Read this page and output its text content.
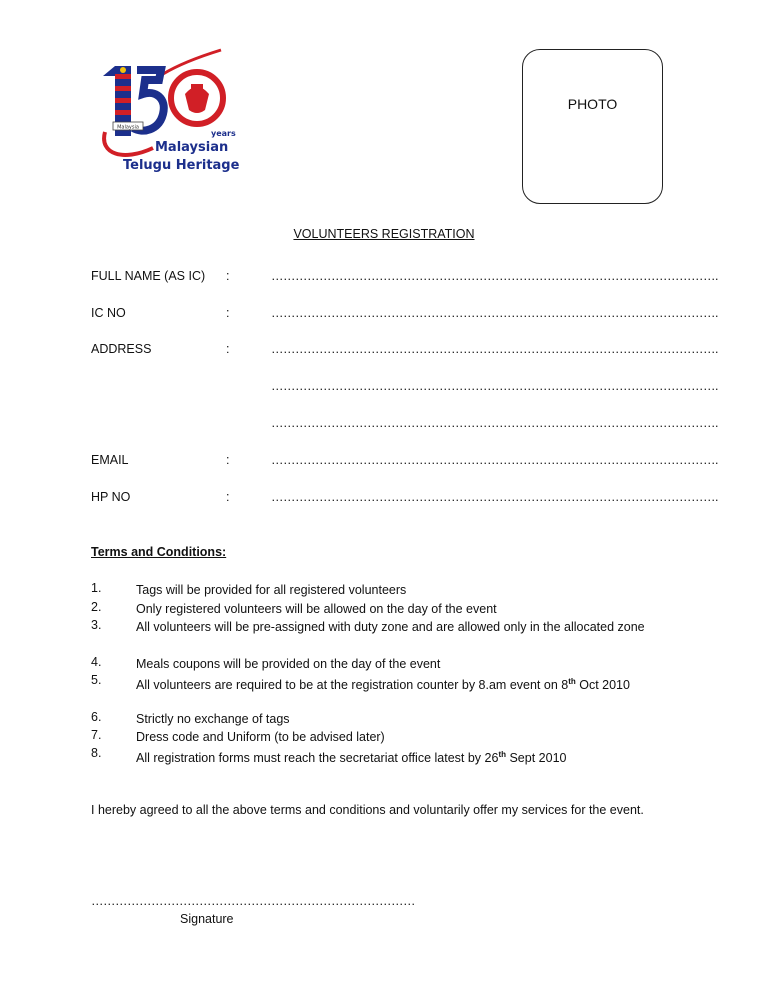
Malaysia
years
Malaysian
Telugu Heritage
PHOTO
VOLUNTEERS REGISTRATION
FULL NAME (AS IC) :	………………………………………………………………………………………………….
IC NO	:	………………………………………………………………………………………………….
ADDRESS	:	………………………………………………………………………………………………….
………………………………………………………………………………………………….
………………………………………………………………………………………………….
EMAIL	:	………………………………………………………………………………………………….
HP NO	:	………………………………………………………………………………………………….
Terms and Conditions:
1.	Tags will be provided for all registered volunteers
2.	Only registered volunteers will be allowed on the day of the event
3.	All volunteers will be pre-assigned with duty zone and are allowed only in the allocated zone
4.	Meals coupons will be provided on the day of the event
5.	All volunteers are required to be at the registration counter by 8.am event on 8th Oct 2010
6.	Strictly no exchange of tags
7.	Dress code and Uniform (to be advised later)
8.	All registration forms must reach the secretariat office latest by 26th Sept 2010
I hereby agreed to all the above terms and conditions and voluntarily offer my services for the event.
………………………………………………………………………
Signature
